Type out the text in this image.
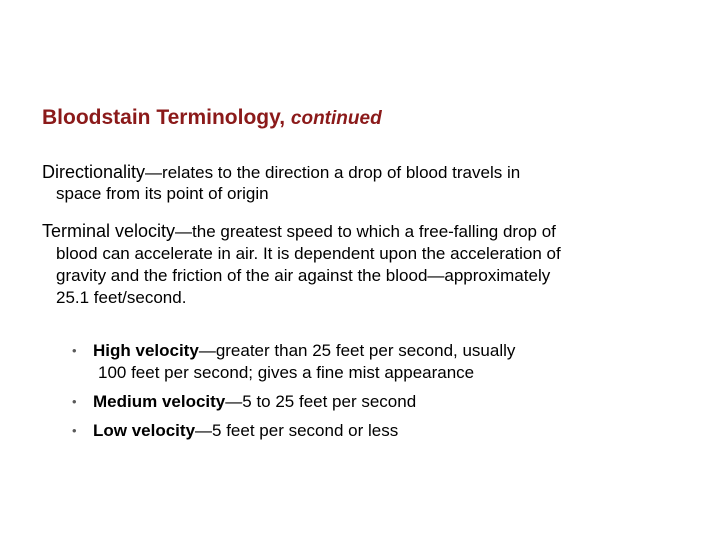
Bloodstain Terminology, continued
Directionality—relates to the direction a drop of blood travels in
space from its point of origin
Terminal velocity—the greatest speed to which a free-falling drop of
blood can accelerate in air. It is dependent upon the acceleration of
gravity and the friction of the air against the blood—approximately
25.1 feet/second.
• High velocity—greater than 25 feet per second, usually
100 feet per second; gives a fine mist appearance
• Medium velocity—5 to 25 feet per second
• Low velocity—5 feet per second or less
